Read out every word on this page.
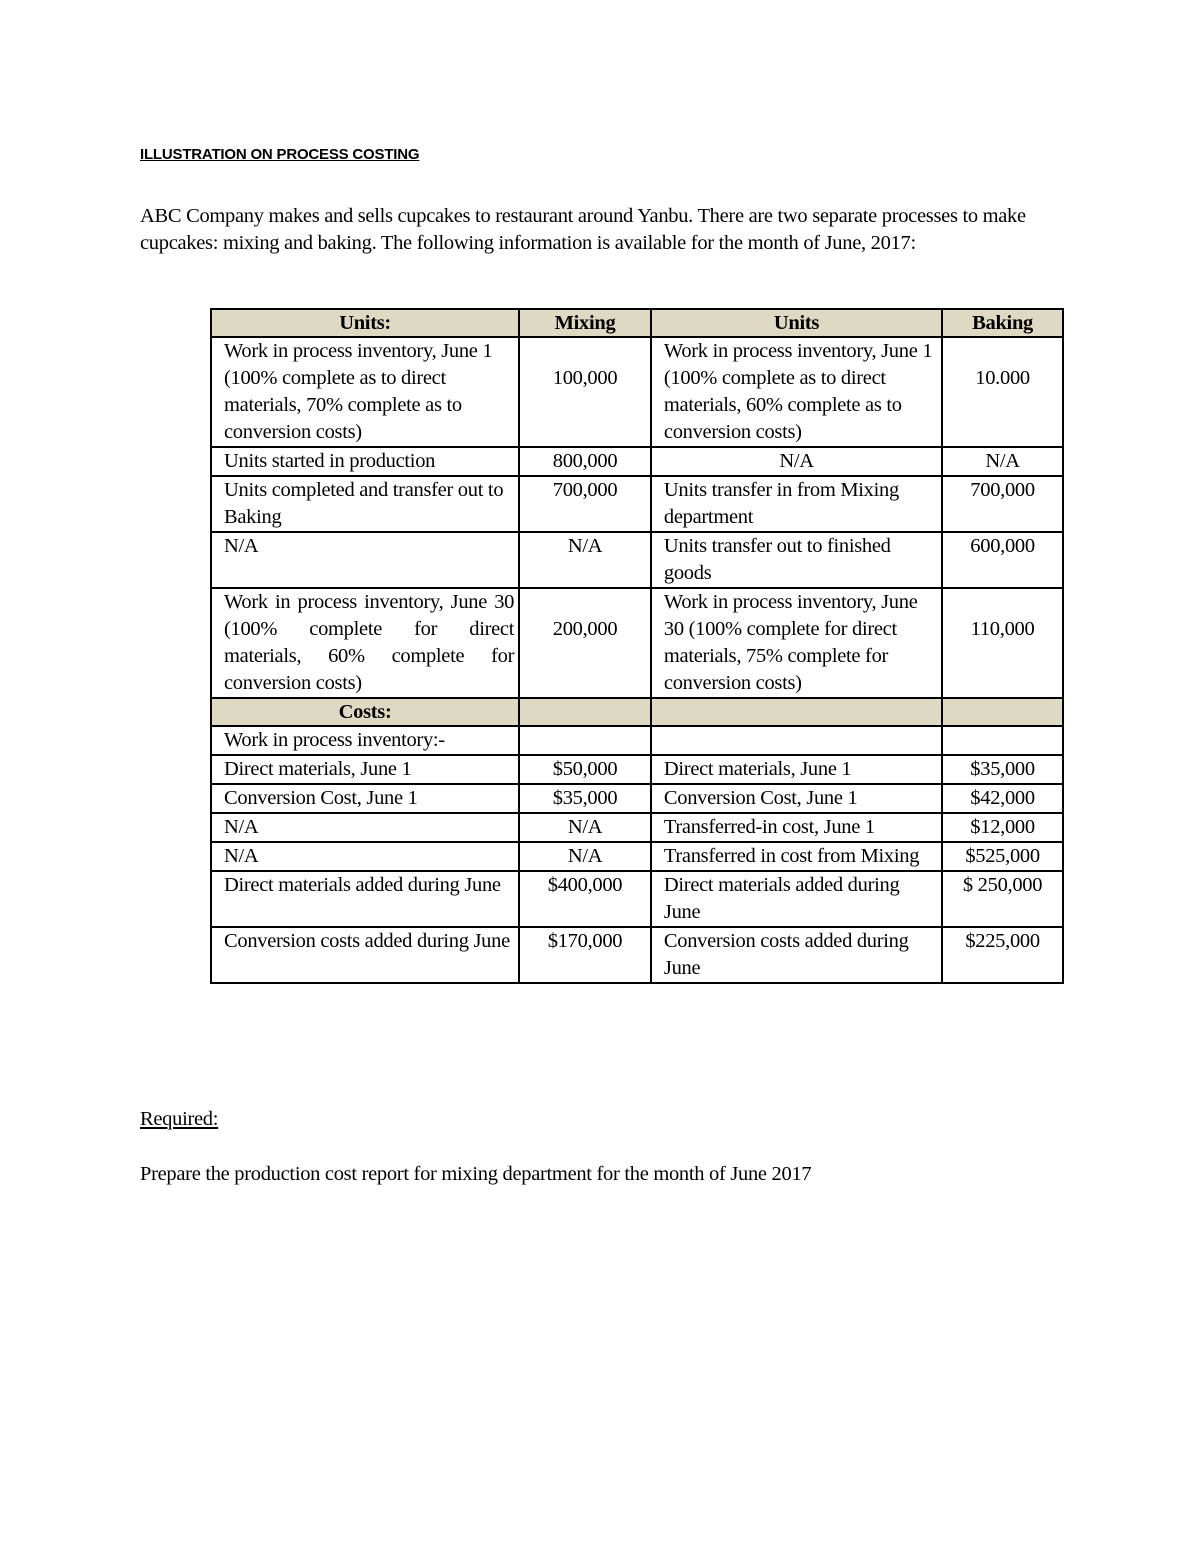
ILLUSTRATION ON PROCESS COSTING
ABC Company makes and sells cupcakes to restaurant around Yanbu. There are two separate processes to make cupcakes: mixing and baking. The following information is available for the month of June, 2017:
Units:	Mixing	Units	Baking
Work in process inventory, June 1 (100% complete as to direct materials, 70% complete as to conversion costs)	100,000	Work in process inventory, June 1 (100% complete as to direct materials, 60% complete as to conversion costs)	10.000
Units started in production	800,000	N/A	N/A
Units completed and transfer out to Baking	700,000	Units transfer in from Mixing department	700,000
N/A	N/A	Units transfer out to finished goods	600,000
Work in process inventory, June 30 (100% complete for direct materials, 60% complete for conversion costs)	200,000	Work in process inventory, June 30 (100% complete for direct materials, 75% complete for conversion costs)	110,000
Costs:			
Work in process inventory:-			
Direct materials, June 1	$50,000	Direct materials, June 1	$35,000
Conversion Cost, June 1	$35,000	Conversion Cost, June 1	$42,000
N/A	N/A	Transferred-in cost, June 1	$12,000
N/A	N/A	Transferred in cost from Mixing	$525,000
Direct materials added during June	$400,000	Direct materials added during June	$ 250,000
Conversion costs added during June	$170,000	Conversion costs added during June	$225,000
Required:
Prepare the production cost report for mixing department for the month of June 2017
